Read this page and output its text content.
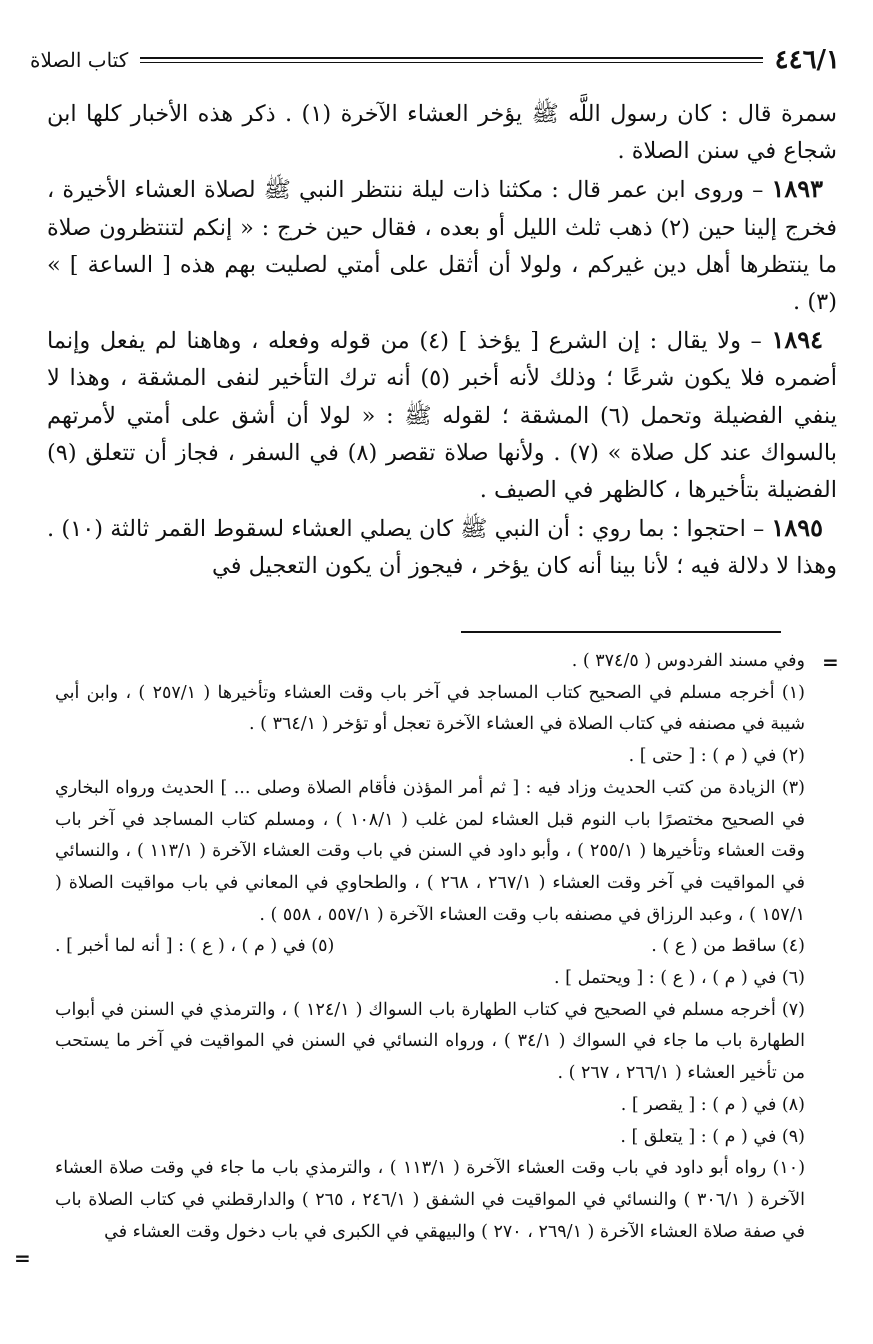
٤٤٦/١
كتاب الصلاة

سمرة قال : كان رسول اللَّه ﷺ يؤخر العشاء الآخرة (١) . ذكر هذه الأخبار كلها ابن شجاع في سنن الصلاة .

١٨٩٣ – وروى ابن عمر قال : مكثنا ذات ليلة ننتظر النبي ﷺ لصلاة العشاء الأخيرة ، فخرج إلينا حين (٢) ذهب ثلث الليل أو بعده ، فقال حين خرج : « إنكم لتنتظرون صلاة ما ينتظرها أهل دين غيركم ، ولولا أن أثقل على أمتي لصليت بهم هذه [ الساعة ] » (٣) .

١٨٩٤ – ولا يقال : إن الشرع [ يؤخذ ] (٤) من قوله وفعله ، وهاهنا لم يفعل وإنما أضمره فلا يكون شرعًا ؛ وذلك لأنه أخبر (٥) أنه ترك التأخير لنفى المشقة ، وهذا لا ينفي الفضيلة وتحمل (٦) المشقة ؛ لقوله ﷺ : « لولا أن أشق على أمتي لأمرتهم بالسواك عند كل صلاة » (٧) . ولأنها صلاة تقصر (٨) في السفر ، فجاز أن تتعلق (٩) الفضيلة بتأخيرها ، كالظهر في الصيف .

١٨٩٥ – احتجوا : بما روي : أن النبي ﷺ كان يصلي العشاء لسقوط القمر ثالثة (١٠) . وهذا لا دلالة فيه ؛ لأنا بينا أنه كان يؤخر ، فيجوز أن يكون التعجيل في

=

وفي مسند الفردوس ( ٣٧٤/٥ ) .

(١) أخرجه مسلم في الصحيح كتاب المساجد في آخر باب وقت العشاء وتأخيرها ( ٢٥٧/١ ) ، وابن أبي شيبة في مصنفه في كتاب الصلاة في العشاء الآخرة تعجل أو تؤخر ( ٣٦٤/١ ) .

(٢) في ( م ) : [ حتى ] .

(٣) الزيادة من كتب الحديث وزاد فيه : [ ثم أمر المؤذن فأقام الصلاة وصلى ... ] الحديث ورواه البخاري في الصحيح مختصرًا باب النوم قبل العشاء لمن غلب ( ١٠٨/١ ) ، ومسلم كتاب المساجد في آخر باب وقت العشاء وتأخيرها ( ٢٥٥/١ ) ، وأبو داود في السنن في باب وقت العشاء الآخرة ( ١١٣/١ ) ، والنسائي في المواقيت في آخر وقت العشاء ( ٢٦٧/١ ، ٢٦٨ ) ، والطحاوي في المعاني في باب مواقيت الصلاة ( ١٥٧/١ ) ، وعبد الرزاق في مصنفه باب وقت العشاء الآخرة ( ٥٥٧/١ ، ٥٥٨ ) .

(٤) ساقط من ( ع ) .
(٥) في ( م ) ، ( ع ) : [ أنه لما أخبر ] .

(٦) في ( م ) ، ( ع ) : [ ويحتمل ] .

(٧) أخرجه مسلم في الصحيح في كتاب الطهارة باب السواك ( ١٢٤/١ ) ، والترمذي في السنن في أبواب الطهارة باب ما جاء في السواك ( ٣٤/١ ) ، ورواه النسائي في السنن في المواقيت في آخر ما يستحب من تأخير العشاء ( ٢٦٦/١ ، ٢٦٧ ) .

(٨) في ( م ) : [ يقصر ] .

(٩) في ( م ) : [ يتعلق ] .

(١٠) رواه أبو داود في باب وقت العشاء الآخرة ( ١١٣/١ ) ، والترمذي باب ما جاء في وقت صلاة العشاء الآخرة ( ٣٠٦/١ ) والنسائي في المواقيت في الشفق ( ٢٤٦/١ ، ٢٦٥ ) والدارقطني في كتاب الصلاة باب في صفة صلاة العشاء الآخرة ( ٢٦٩/١ ، ٢٧٠ ) والبيهقي في الكبرى في باب دخول وقت العشاء في

=
